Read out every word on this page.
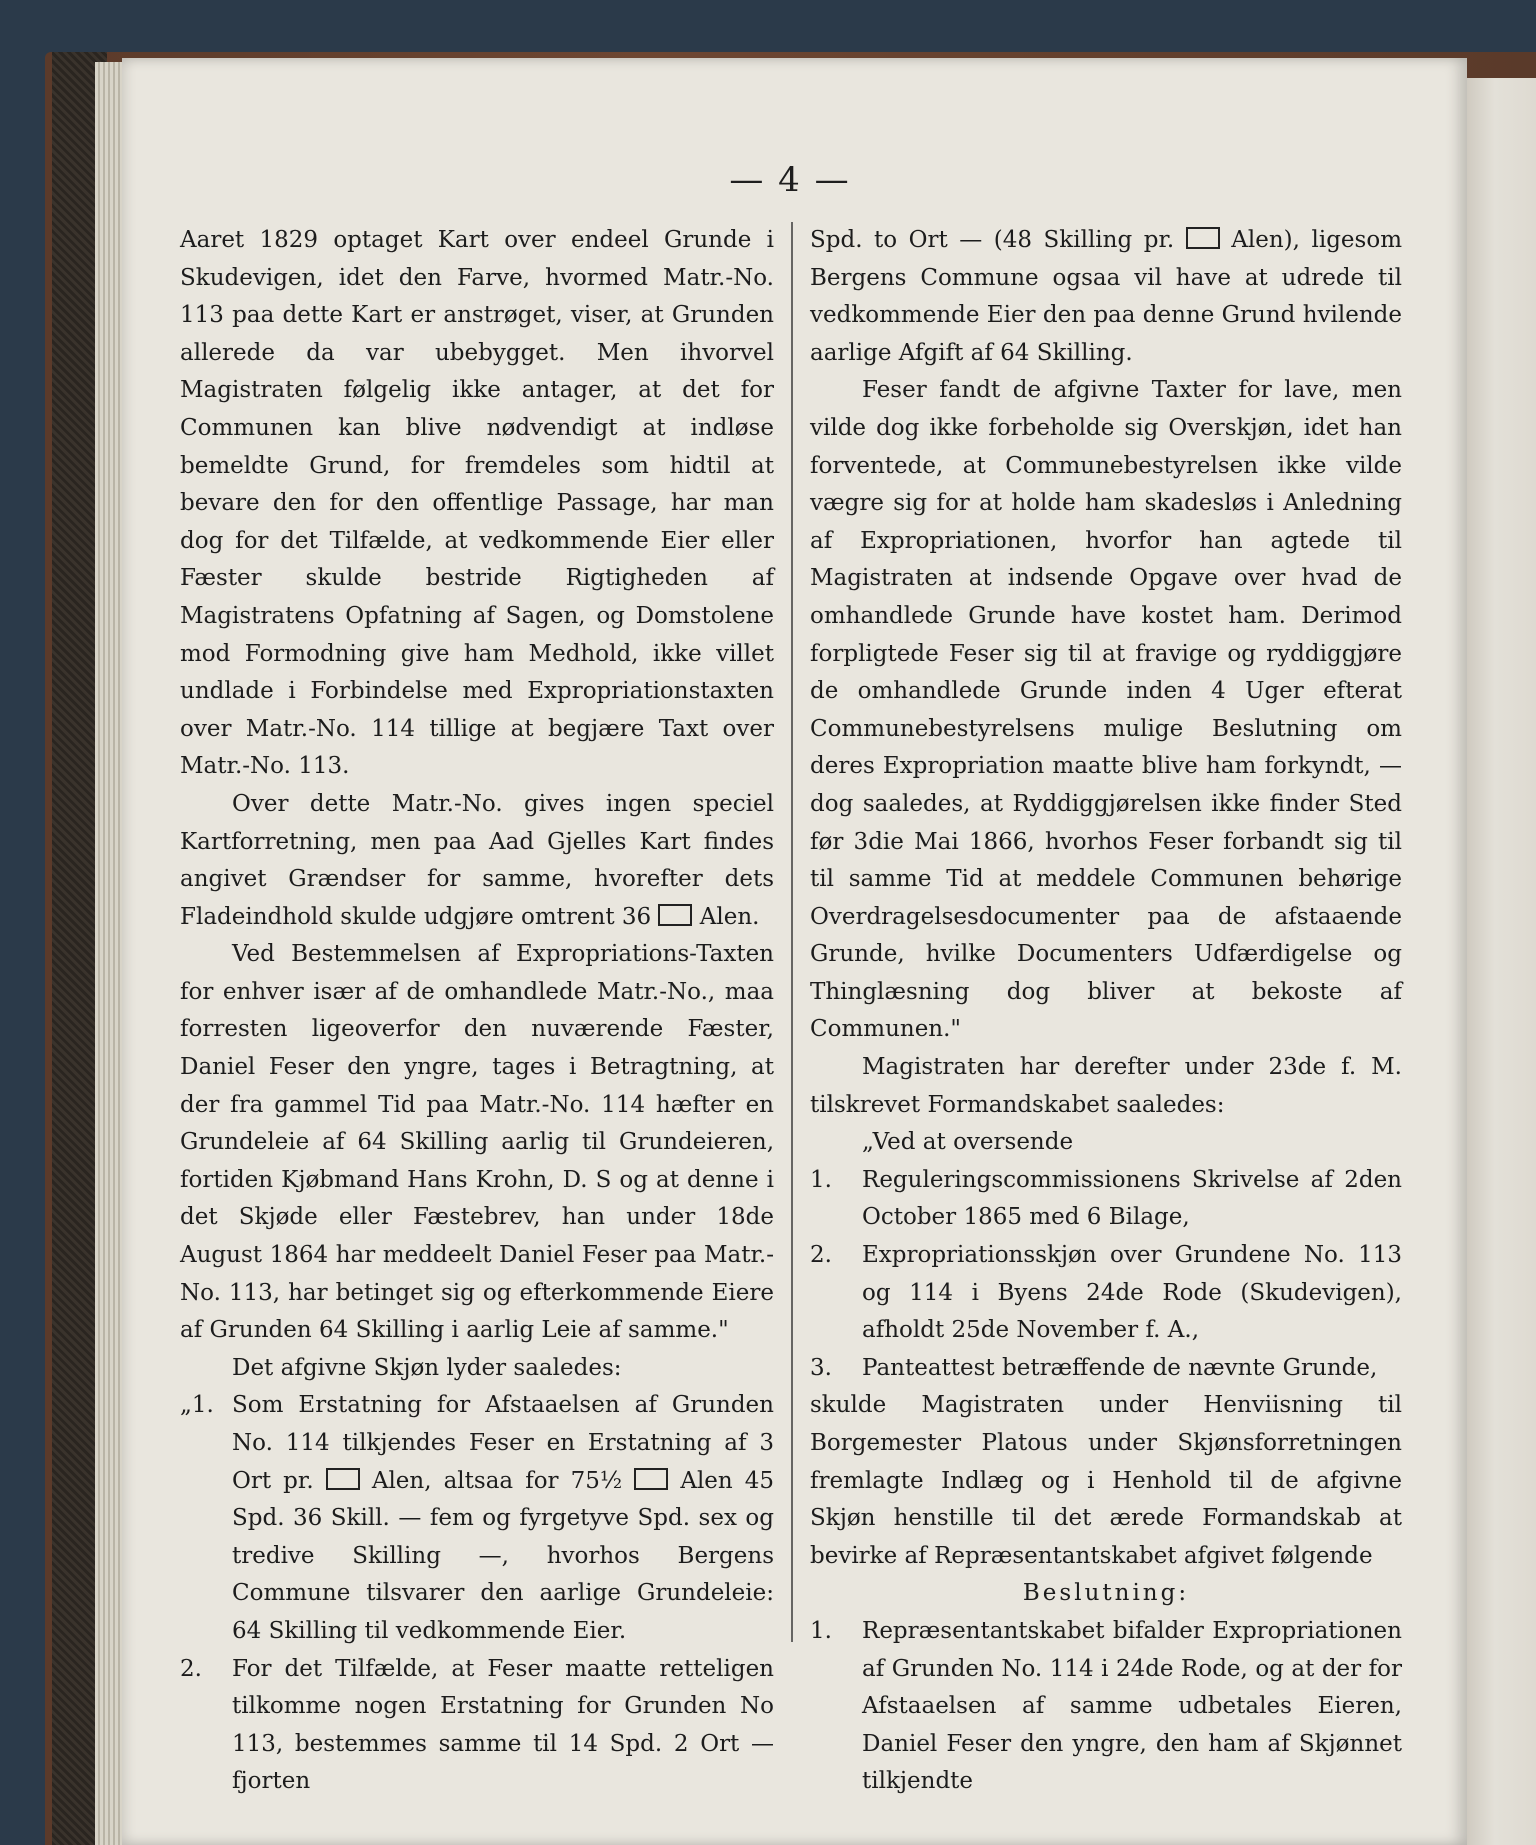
— 4 —

Aaret 1829 optaget Kart over endeel Grunde i Skudevigen, idet den Farve, hvormed Matr.-No. 113 paa dette Kart er anstrøget, viser, at Grunden allerede da var ubebygget. Men ihvorvel Magistraten følgelig ikke antager, at det for Communen kan blive nødvendigt at indløse bemeldte Grund, for fremdeles som hidtil at bevare den for den offentlige Passage, har man dog for det Tilfælde, at vedkommende Eier eller Fæster skulde bestride Rigtigheden af Magistratens Opfatning af Sagen, og Domstolene mod Formodning give ham Medhold, ikke villet undlade i Forbindelse med Expropriationstaxten over Matr.-No. 114 tillige at begjære Taxt over Matr.-No. 113.

Over dette Matr.-No. gives ingen speciel Kartforretning, men paa Aad Gjelles Kart findes angivet Grændser for samme, hvorefter dets Fladeindhold skulde udgjøre omtrent 36 Alen.

Ved Bestemmelsen af Expropriations-Taxten for enhver især af de omhandlede Matr.-No., maa forresten ligeoverfor den nuværende Fæster, Daniel Feser den yngre, tages i Betragtning, at der fra gammel Tid paa Matr.-No. 114 hæfter en Grundeleie af 64 Skilling aarlig til Grundeieren, fortiden Kjøbmand Hans Krohn, D. S og at denne i det Skjøde eller Fæstebrev, han under 18de August 1864 har meddeelt Daniel Feser paa Matr.-No. 113, har betinget sig og efterkommende Eiere af Grunden 64 Skilling i aarlig Leie af samme."

Det afgivne Skjøn lyder saaledes:

„1. Som Erstatning for Afstaaelsen af Grunden No. 114 tilkjendes Feser en Erstatning af 3 Ort pr.	Alen, altsaa for 75½	Alen 45 Spd. 36 Skill. — fem og fyrgetyve Spd. sex og tredive Skilling —, hvorhos Bergens Commune tilsvarer den aarlige Grundeleie: 64 Skilling til vedkommende Eier.
2.	For det Tilfælde, at Feser maatte retteligen tilkomme nogen Erstatning for Grunden No 113, bestemmes samme til 14 Spd. 2 Ort — fjorten

Spd. to Ort — (48 Skilling pr. Alen), ligesom Bergens Commune ogsaa vil have at udrede til vedkommende Eier den paa denne Grund hvilende aarlige Afgift af 64 Skilling.

Feser fandt de afgivne Taxter for lave, men vilde dog ikke forbeholde sig Overskjøn, idet han forventede, at Communebestyrelsen ikke vilde vægre sig for at holde ham skadesløs i Anledning af Expropriationen, hvorfor han agtede til Magistraten at indsende Opgave over hvad de omhandlede Grunde have kostet ham. Derimod forpligtede Feser sig til at fravige og ryddiggjøre de omhandlede Grunde inden 4 Uger efterat Communebestyrelsens mulige Beslutning om deres Expropriation maatte blive ham forkyndt, — dog saaledes, at Ryddiggjørelsen ikke finder Sted før 3die Mai 1866, hvorhos Feser forbandt sig til til samme Tid at meddele Communen behørige Overdragelsesdocumenter paa de afstaaende Grunde, hvilke Documenters Udfærdigelse og Thinglæsning dog bliver at bekoste af Communen."

Magistraten har derefter under 23de f. M. tilskrevet Formandskabet saaledes:

„Ved at oversende

1.	Reguleringscommissionens Skrivelse af 2den October 1865 med 6 Bilage,
2.	Expropriationsskjøn over Grundene No. 113 og 114 i Byens 24de Rode (Skudevigen), afholdt 25de November f. A.,
3.	Panteattest betræffende de nævnte Grunde,

skulde Magistraten under Henviisning til Borgemester Platous under Skjønsforretningen fremlagte Indlæg og i Henhold til de afgivne Skjøn henstille til det ærede Formandskab at bevirke af Repræsentantskabet afgivet følgende

Beslutning:

1.	Repræsentantskabet bifalder Expropriationen af Grunden No. 114 i 24de Rode, og at der for Afstaaelsen af samme udbetales Eieren, Daniel Feser den yngre, den ham af Skjønnet tilkjendte
